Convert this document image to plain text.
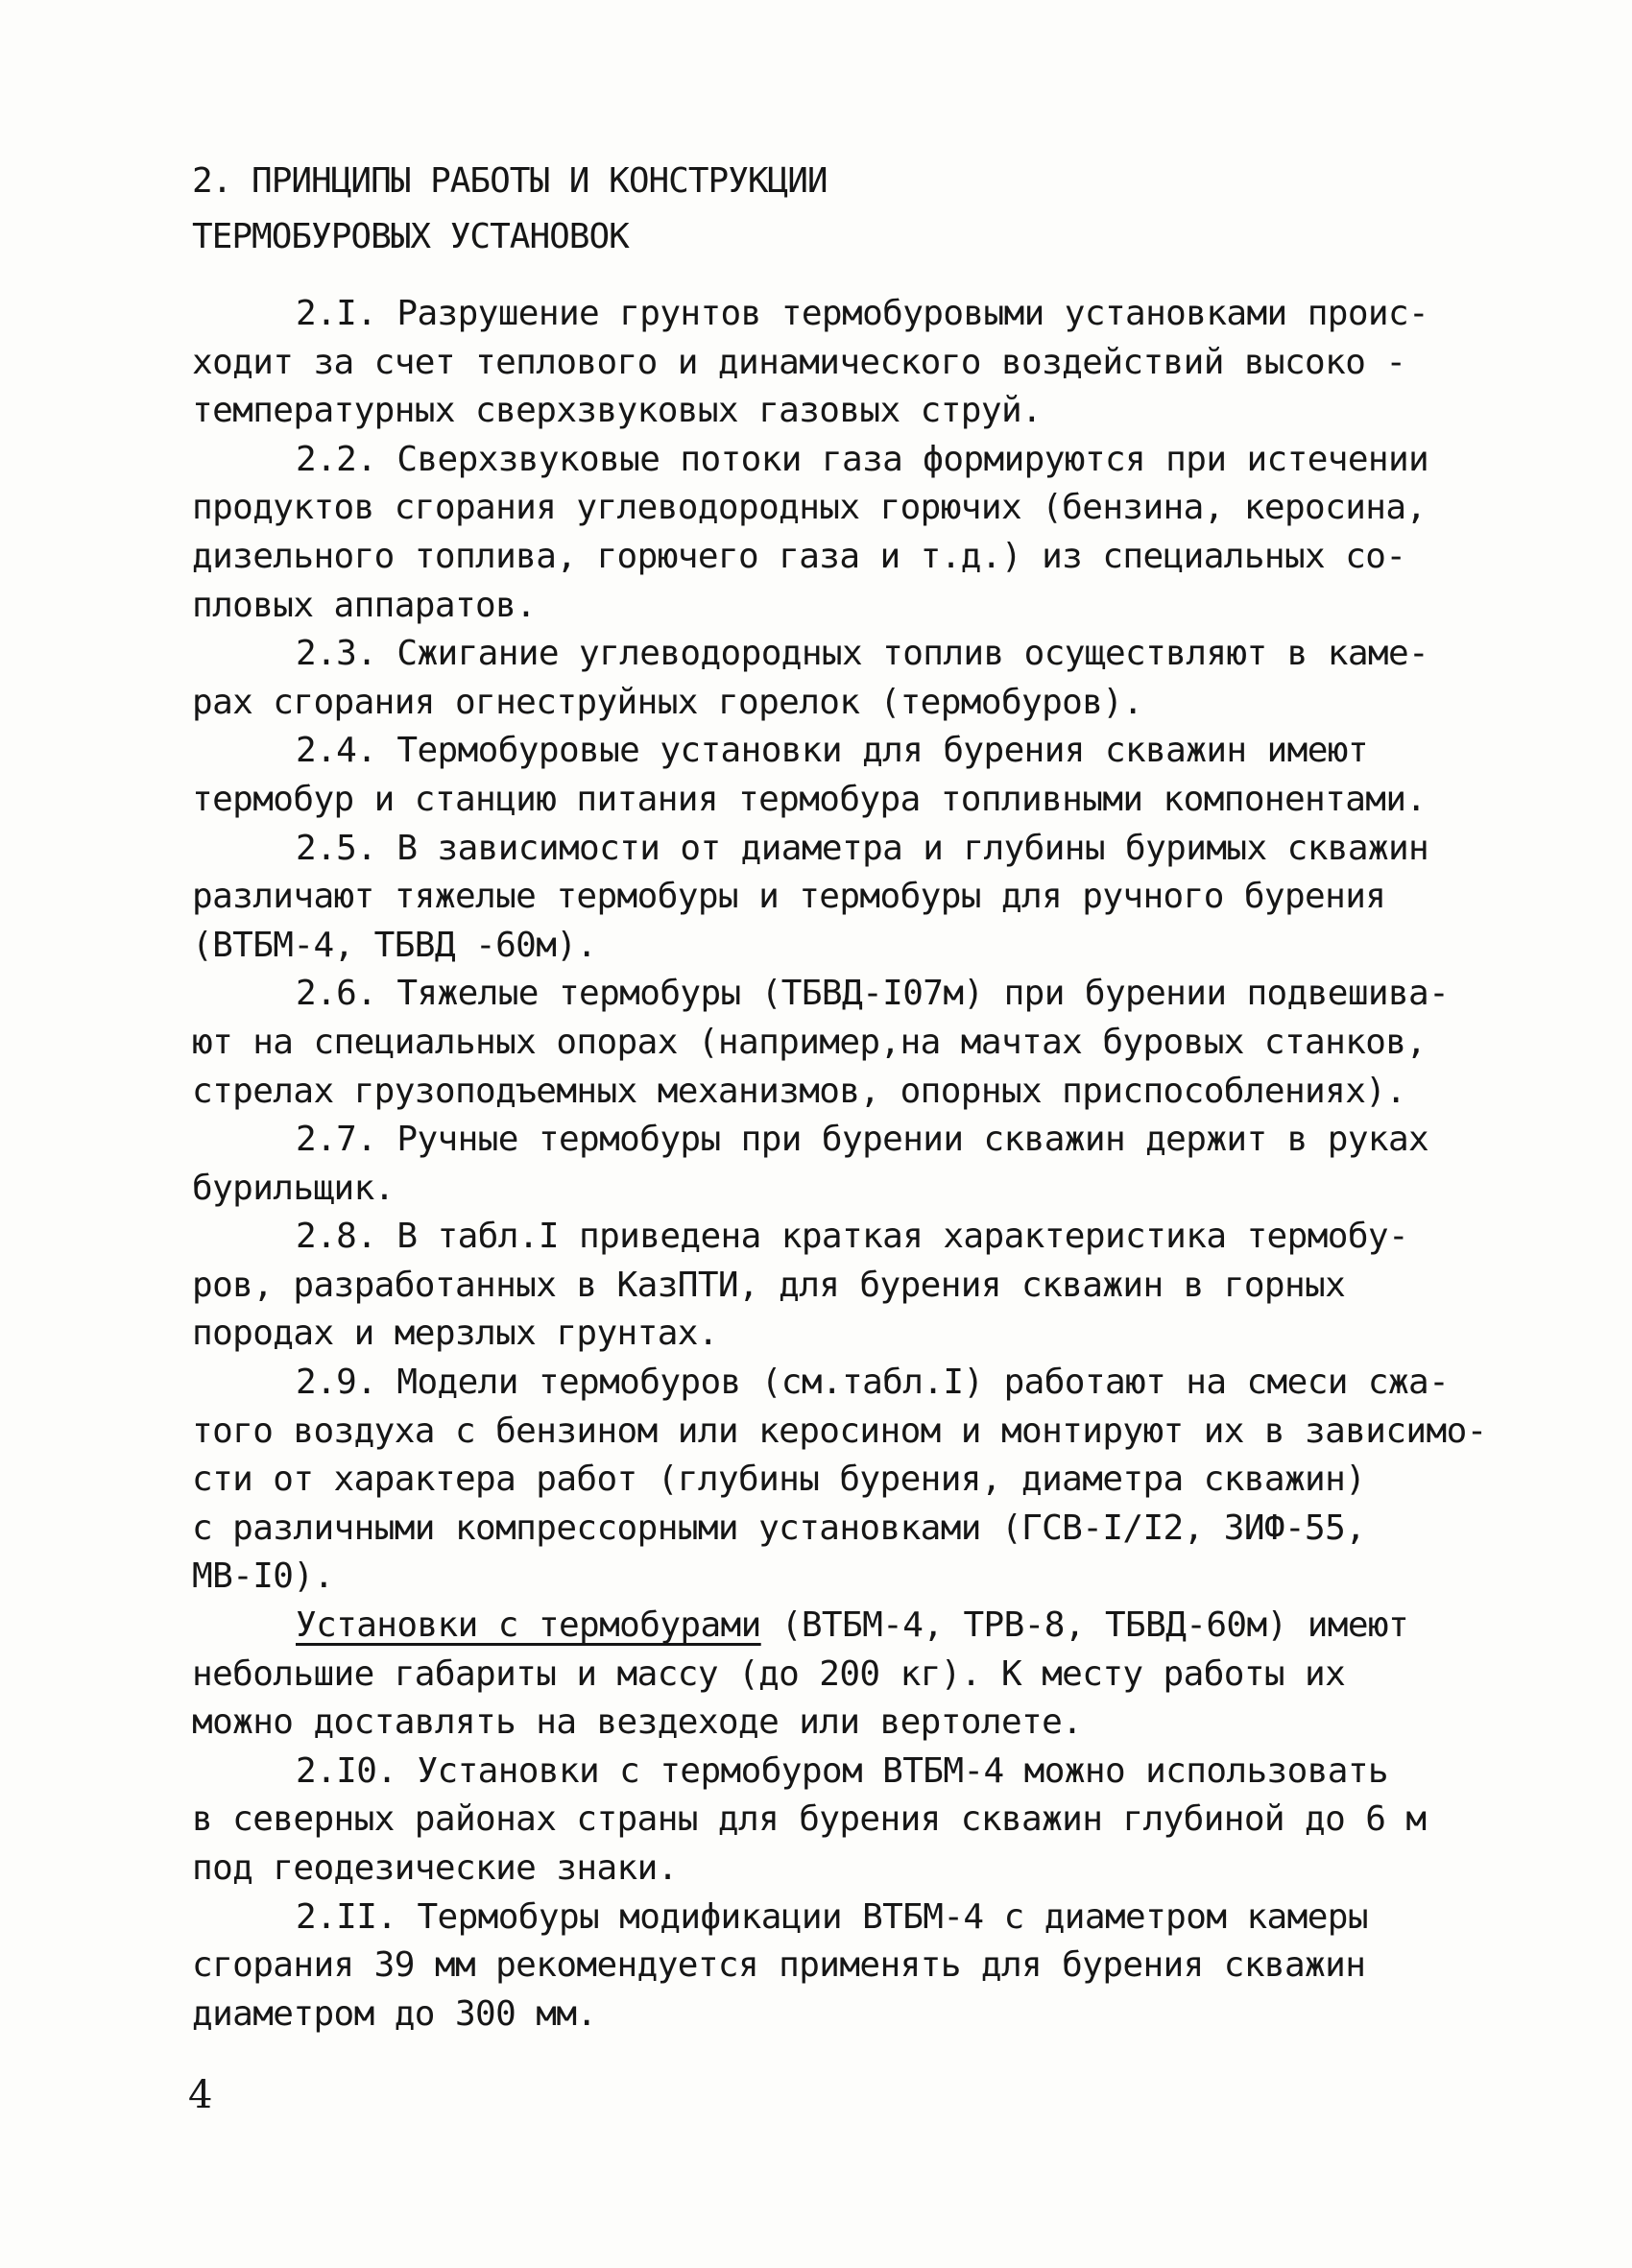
2. ПРИНЦИПЫ РАБОТЫ И КОНСТРУКЦИИ
ТЕРМОБУРОВЫХ УСТАНОВОК
2.I. Разрушение грунтов термобуровыми установками проис-
ходит за счет теплового и динамического воздействий высоко -
температурных сверхзвуковых газовых струй.
2.2. Сверхзвуковые потоки газа формируются при истечении
продуктов сгорания углеводородных горючих (бензина, керосина,
дизельного топлива, горючего газа и т.д.) из специальных со-
пловых аппаратов.
2.3. Сжигание углеводородных топлив осуществляют в каме-
рах сгорания огнеструйных горелок (термобуров).
2.4. Термобуровые установки для бурения скважин имеют
термобур и станцию питания термобура топливными компонентами.
2.5. В зависимости от диаметра и глубины буримых скважин
различают тяжелые термобуры и термобуры для ручного бурения
(ВТБМ-4, ТБВД -60м).
2.6. Тяжелые термобуры (ТБВД-I07м) при бурении подвешива-
ют на специальных опорах (например,на мачтах буровых станков,
стрелах грузоподъемных механизмов, опорных приспособлениях).
2.7. Ручные термобуры при бурении скважин держит в руках
бурильщик.
2.8. В табл.I приведена краткая характеристика термобу-
ров, разработанных в КазПТИ, для бурения скважин в горных
породах и мерзлых грунтах.
2.9. Модели термобуров (см.табл.I) работают на смеси сжа-
того воздуха с бензином или керосином и монтируют их в зависимо-
сти от характера работ (глубины бурения, диаметра скважин)
с различными компрессорными установками (ГСВ-I/I2, ЗИФ-55,
МВ-I0).
Установки с термобурами (ВТБМ-4, ТРВ-8, ТБВД-60м) имеют
небольшие габариты и массу (до 200 кг). К месту работы их
можно доставлять на вездеходе или вертолете.
2.I0. Установки с термобуром ВТБМ-4 можно использовать
в северных районах страны для бурения скважин глубиной до 6 м
под геодезические знаки.
2.II. Термобуры модификации ВТБМ-4 с диаметром камеры
сгорания 39 мм рекомендуется применять для бурения скважин
диаметром до 300 мм.
4
